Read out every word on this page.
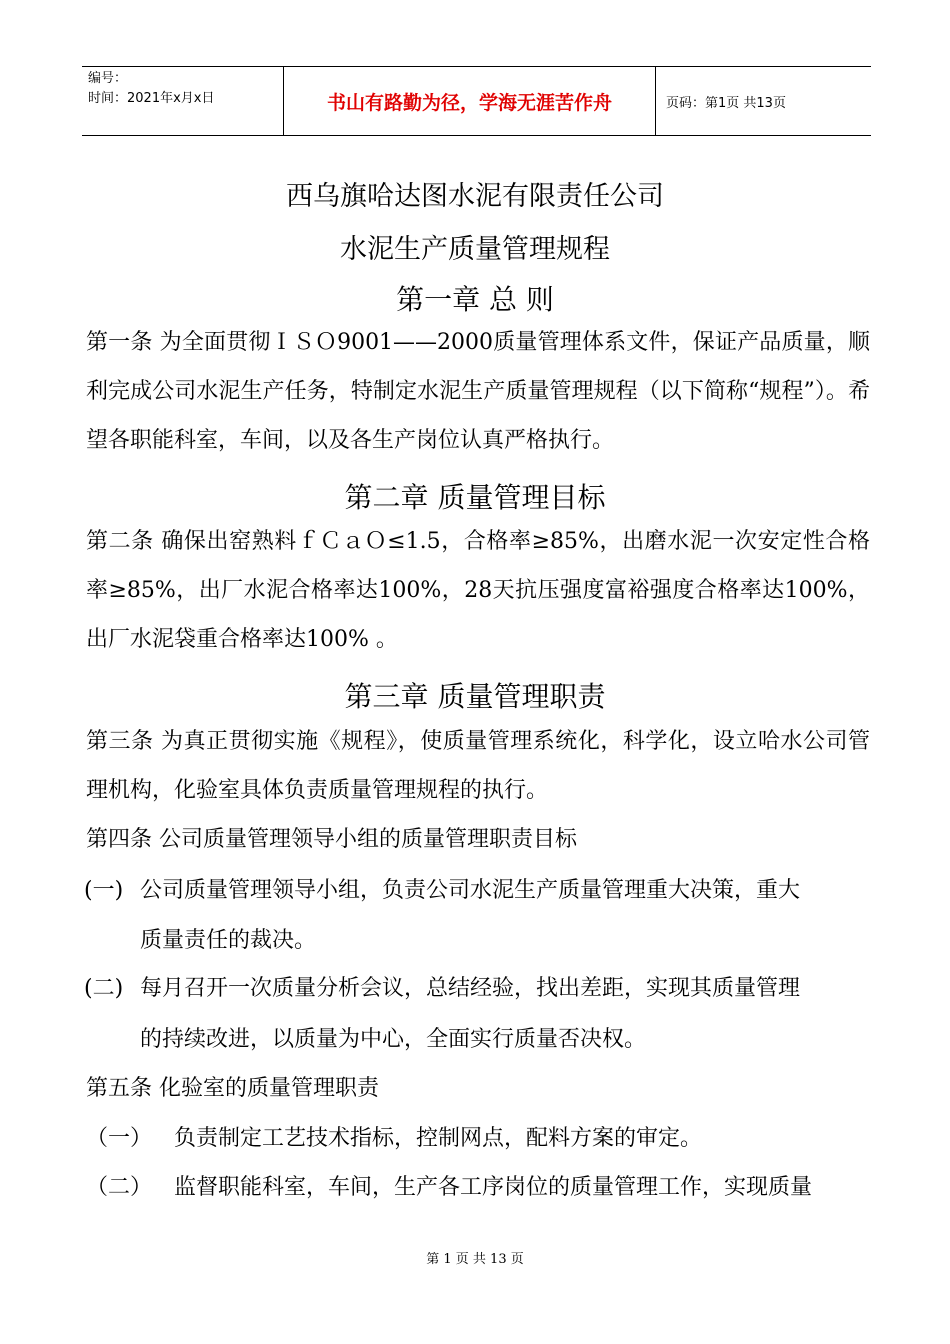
编号：
时间：2021年x月x日	书山有路勤为径，学海无涯苦作舟	页码：第1页 共13页
西乌旗哈达图水泥有限责任公司
水泥生产质量管理规程
第一章 总 则
第一条 为全面贯彻ＩＳＯ9001——2000质量管理体系文件，保证产品质量，顺利完成公司水泥生产任务，特制定水泥生产质量管理规程（以下简称“规程”）。希望各职能科室，车间，以及各生产岗位认真严格执行。
第二章 质量管理目标
第二条 确保出窑熟料ｆＣａＯ≤1.5，合格率≥85%，出磨水泥一次安定性合格率≥85%，出厂水泥合格率达100%，28天抗压强度富裕强度合格率达100%，出厂水泥袋重合格率达100% 。
第三章 质量管理职责
第三条 为真正贯彻实施《规程》，使质量管理系统化，科学化，设立哈水公司管理机构，化验室具体负责质量管理规程的执行。
第四条 公司质量管理领导小组的质量管理职责目标
(一) 公司质量管理领导小组，负责公司水泥生产质量管理重大决策，重大
质量责任的裁决。
(二) 每月召开一次质量分析会议，总结经验，找出差距，实现其质量管理
的持续改进，以质量为中心，全面实行质量否决权。
第五条 化验室的质量管理职责
（一） 负责制定工艺技术指标，控制网点，配料方案的审定。
（二） 监督职能科室，车间，生产各工序岗位的质量管理工作，实现质量
第 1 页 共 13 页
